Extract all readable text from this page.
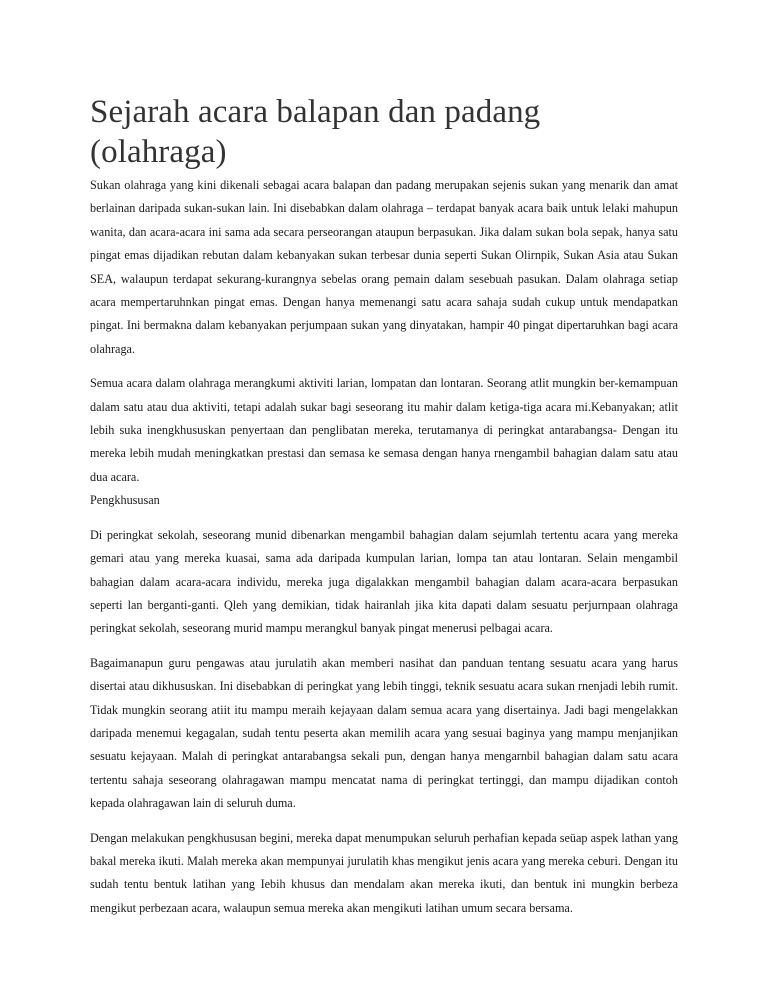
Sejarah acara balapan dan padang (olahraga)

Sukan olahraga yang kini dikenali sebagai acara balapan dan padang merupakan sejenis sukan yang menarik dan amat berlainan daripada sukan-sukan lain. Ini disebabkan dalam olahraga – terdapat banyak acara baik untuk lelaki mahupun wanita, dan acara-acara ini sama ada secara perseorangan ataupun berpasukan. Jika dalam sukan bola sepak, hanya satu pingat emas dijadikan rebutan dalam kebanyakan sukan terbesar dunia seperti Sukan Olirnpik, Sukan Asia atau Sukan SEA, walaupun terdapat sekurang-kurangnya sebelas orang pemain dalam sesebuah pasukan. Dalam olahraga setiap acara mempertaruhnkan pingat emas. Dengan hanya memenangi satu acara sahaja sudah cukup untuk mendapatkan pingat. Ini bermakna dalam kebanyakan perjumpaan sukan yang dinyatakan, hampir 40 pingat dipertaruhkan bagi acara olahraga.

Semua acara dalam olahraga merangkumi aktiviti larian, lompatan dan lontaran. Seorang atlit mungkin ber-kemampuan dalam satu atau dua aktiviti, tetapi adalah sukar bagi seseorang itu mahir dalam ketiga-tiga acara mi.Kebanyakan; atlit lebih suka inengkhususkan penyertaan dan penglibatan mereka, terutamanya di peringkat antarabangsa- Dengan itu mereka lebih mudah meningkatkan prestasi dan semasa ke semasa dengan hanya rnengambil bahagian dalam satu atau dua acara.

Pengkhususan

Di peringkat sekolah, seseorang munid dibenarkan mengambil bahagian dalam sejumlah tertentu acara yang mereka gemari atau yang mereka kuasai, sama ada daripada kumpulan larian, lompa tan atau lontaran. Selain mengambil bahagian dalam acara-acara individu, mereka juga digalakkan mengambil bahagian dalam acara-acara berpasukan seperti lan berganti-ganti. Qleh yang demikian, tidak hairanlah jika kita dapati dalam sesuatu perjurnpaan olahraga peringkat sekolah, seseorang murid mampu merangkul banyak pingat menerusi pelbagai acara.

Bagaimanapun guru pengawas atau jurulatih akan memberi nasihat dan panduan tentang sesuatu acara yang harus disertai atau dikhususkan. Ini disebabkan di peringkat yang lebih tinggi, teknik sesuatu acara sukan rnenjadi lebih rumit. Tidak mungkin seorang atiit itu mampu meraih kejayaan dalam semua acara yang disertainya. Jadi bagi mengelakkan daripada menemui kegagalan, sudah tentu peserta akan memilih acara yang sesuai baginya yang mampu menjanjikan sesuatu kejayaan. Malah di peringkat antarabangsa sekali pun, dengan hanya mengarnbil bahagian dalam satu acara tertentu sahaja seseorang olahragawan mampu mencatat nama di peringkat tertinggi, dan mampu dijadikan contoh kepada olahragawan lain di seluruh duma.

Dengan melakukan pengkhususan begini, mereka dapat menumpukan seluruh perhafian kepada seüap aspek lathan yang bakal mereka ikuti. Malah mereka akan mempunyai jurulatih khas mengikut jenis acara yang mereka ceburi. Dengan itu sudah tentu bentuk latihan yang Iebih khusus dan mendalam akan mereka ikuti, dan bentuk ini mungkin berbeza mengikut perbezaan acara, walaupun semua mereka akan mengikuti latihan umum secara bersama.
